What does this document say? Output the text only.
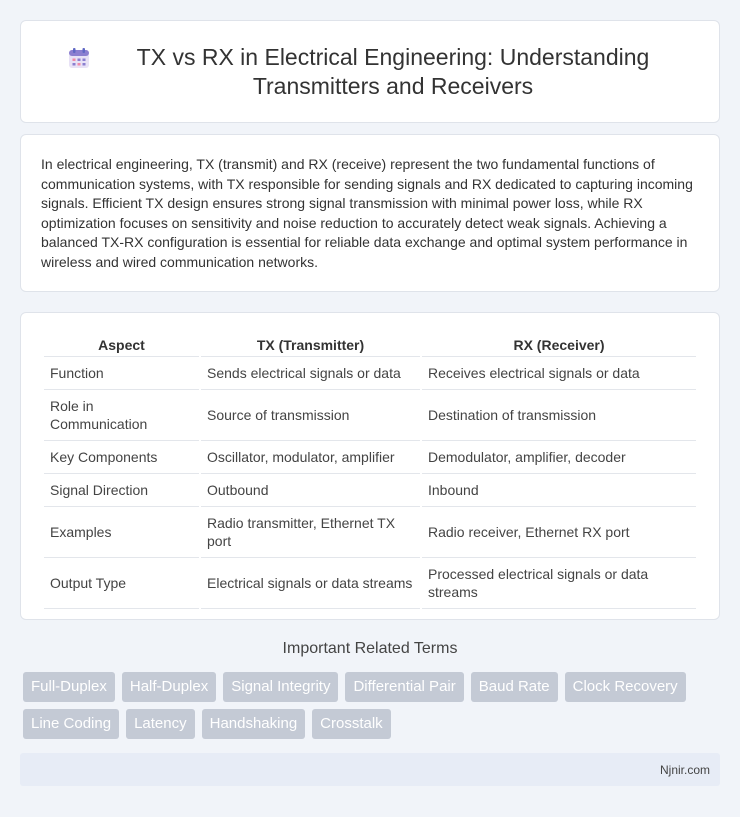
TX vs RX in Electrical Engineering: Understanding Transmitters and Receivers

In electrical engineering, TX (transmit) and RX (receive) represent the two fundamental functions of communication systems, with TX responsible for sending signals and RX dedicated to capturing incoming signals. Efficient TX design ensures strong signal transmission with minimal power loss, while RX optimization focuses on sensitivity and noise reduction to accurately detect weak signals. Achieving a balanced TX-RX configuration is essential for reliable data exchange and optimal system performance in wireless and wired communication networks.

Aspect	TX (Transmitter)	RX (Receiver)
Function	Sends electrical signals or data	Receives electrical signals or data
Role in Communication	Source of transmission	Destination of transmission
Key Components	Oscillator, modulator, amplifier	Demodulator, amplifier, decoder
Signal Direction	Outbound	Inbound
Examples	Radio transmitter, Ethernet TX port	Radio receiver, Ethernet RX port
Output Type	Electrical signals or data streams	Processed electrical signals or data streams
Important Related Terms
Full-Duplex	Half-Duplex	Signal Integrity	Differential Pair	Baud Rate	Clock Recovery
Line Coding	Latency	Handshaking	Crosstalk
Njnir.com
